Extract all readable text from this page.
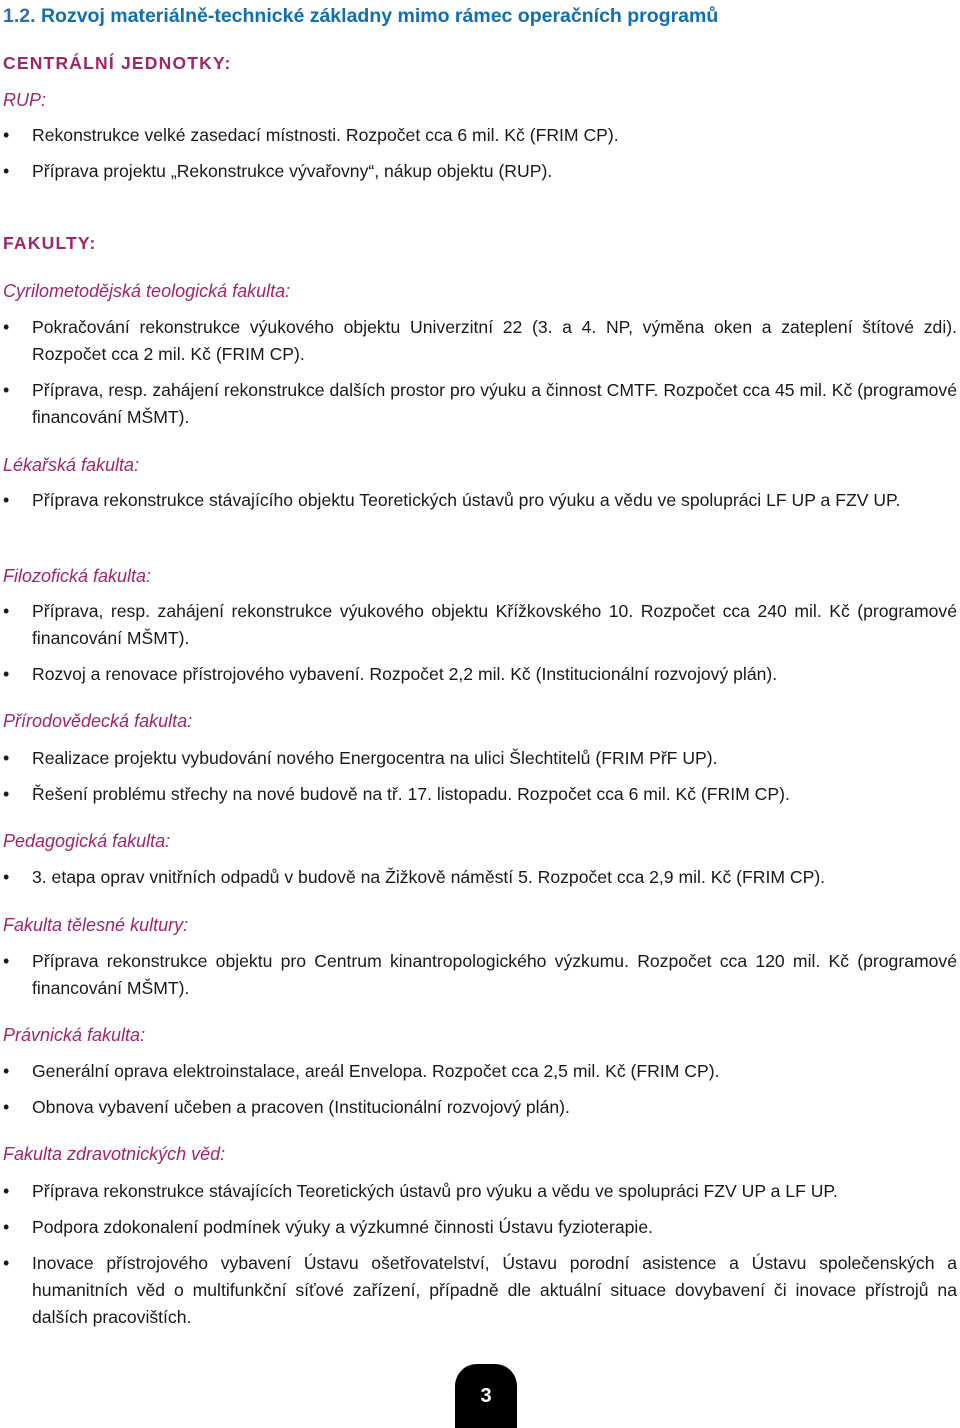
1.2. Rozvoj materiálně-technické základny mimo rámec operačních programů
CENTRÁLNÍ JEDNOTKY:
RUP:
•	Rekonstrukce velké zasedací místnosti. Rozpočet cca 6 mil. Kč (FRIM CP).
•	Příprava projektu „Rekonstrukce vývařovny“, nákup objektu (RUP).
FAKULTY:
Cyrilometodějská teologická fakulta:
•	Pokračování rekonstrukce výukového objektu Univerzitní 22 (3. a 4. NP, výměna oken a zateplení štítové zdi). Rozpočet cca 2 mil. Kč (FRIM CP).
•	Příprava, resp. zahájení rekonstrukce dalších prostor pro výuku a činnost CMTF. Rozpočet cca 45 mil. Kč (programové financování MŠMT).
Lékařská fakulta:
•	Příprava rekonstrukce stávajícího objektu Teoretických ústavů pro výuku a vědu ve spolupráci LF UP a FZV UP.
Filozofická fakulta:
•	Příprava, resp. zahájení rekonstrukce výukového objektu Křížkovského 10. Rozpočet cca 240 mil. Kč (programové financování MŠMT).
•	Rozvoj a renovace přístrojového vybavení. Rozpočet 2,2 mil. Kč (Institucionální rozvojový plán).
Přírodovědecká fakulta:
•	Realizace projektu vybudování nového Energocentra na ulici Šlechtitelů (FRIM PřF UP).
•	Řešení problému střechy na nové budově na tř. 17. listopadu. Rozpočet cca 6 mil. Kč (FRIM CP).
Pedagogická fakulta:
•	3. etapa oprav vnitřních odpadů v budově na Žižkově náměstí 5. Rozpočet cca 2,9 mil. Kč (FRIM CP).
Fakulta tělesné kultury:
•	Příprava rekonstrukce objektu pro Centrum kinantropologického výzkumu. Rozpočet cca 120 mil. Kč (programové financování MŠMT).
Právnická fakulta:
•	Generální oprava elektroinstalace, areál Envelopa. Rozpočet cca 2,5 mil. Kč (FRIM CP).
•	Obnova vybavení učeben a pracoven (Institucionální rozvojový plán).
Fakulta zdravotnických věd:
•	Příprava rekonstrukce stávajících Teoretických ústavů pro výuku a vědu ve spolupráci FZV UP a LF UP.
•	Podpora zdokonalení podmínek výuky a výzkumné činnosti Ústavu fyzioterapie.
•	Inovace přístrojového vybavení Ústavu ošetřovatelství, Ústavu porodní asistence a Ústavu společenských a humanitních věd o multifunkční síťové zařízení, případně dle aktuální situace dovybavení či inovace přístrojů na dalších pracovištích.
3
